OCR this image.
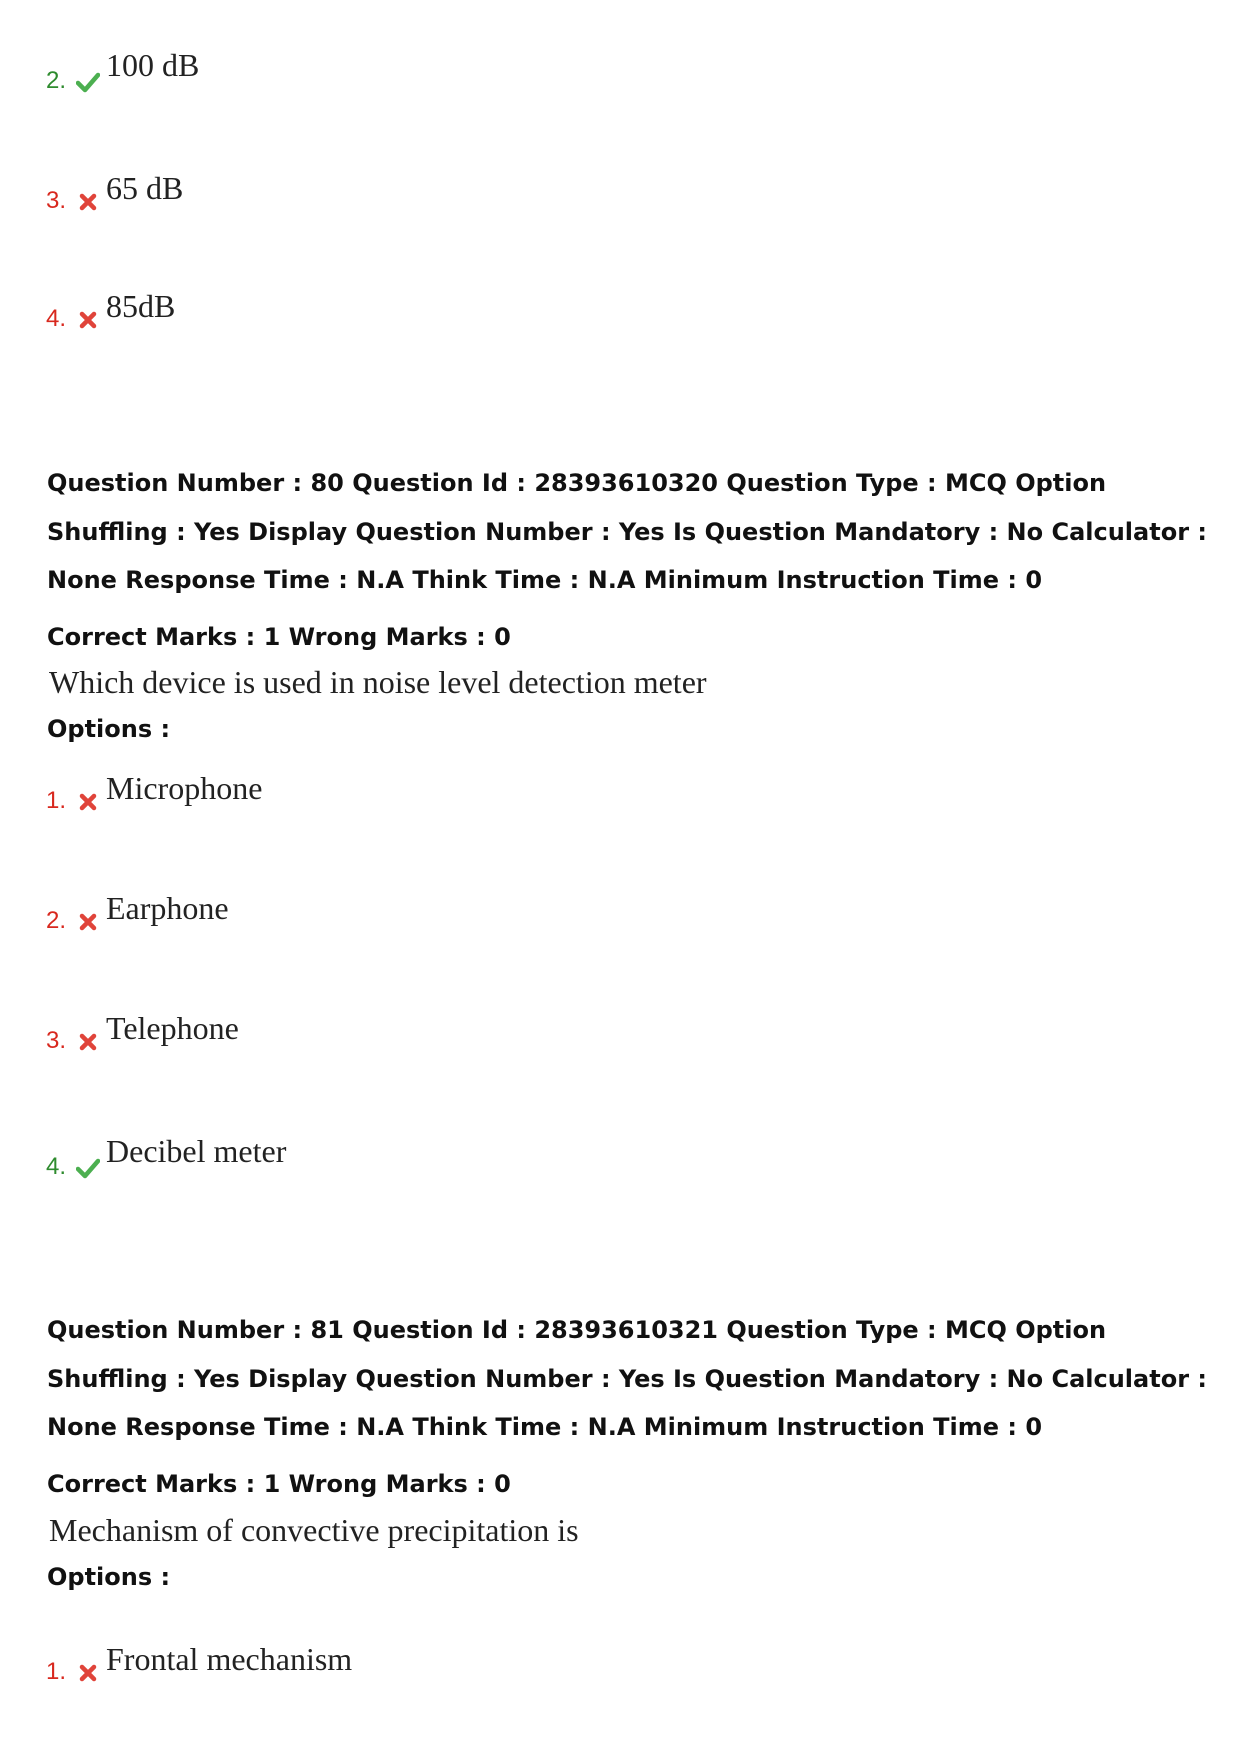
2. 100 dB
3. 65 dB
4. 85dB
Question Number : 80 Question Id : 28393610320 Question Type : MCQ Option Shuffling : Yes Display Question Number : Yes Is Question Mandatory : No Calculator : None Response Time : N.A Think Time : N.A Minimum Instruction Time : 0
Correct Marks : 1 Wrong Marks : 0
Which device is used in noise level detection meter
Options :
1. Microphone
2. Earphone
3. Telephone
4. Decibel meter
Question Number : 81 Question Id : 28393610321 Question Type : MCQ Option Shuffling : Yes Display Question Number : Yes Is Question Mandatory : No Calculator : None Response Time : N.A Think Time : N.A Minimum Instruction Time : 0
Correct Marks : 1 Wrong Marks : 0
Mechanism of convective precipitation is
Options :
1. Frontal mechanism
